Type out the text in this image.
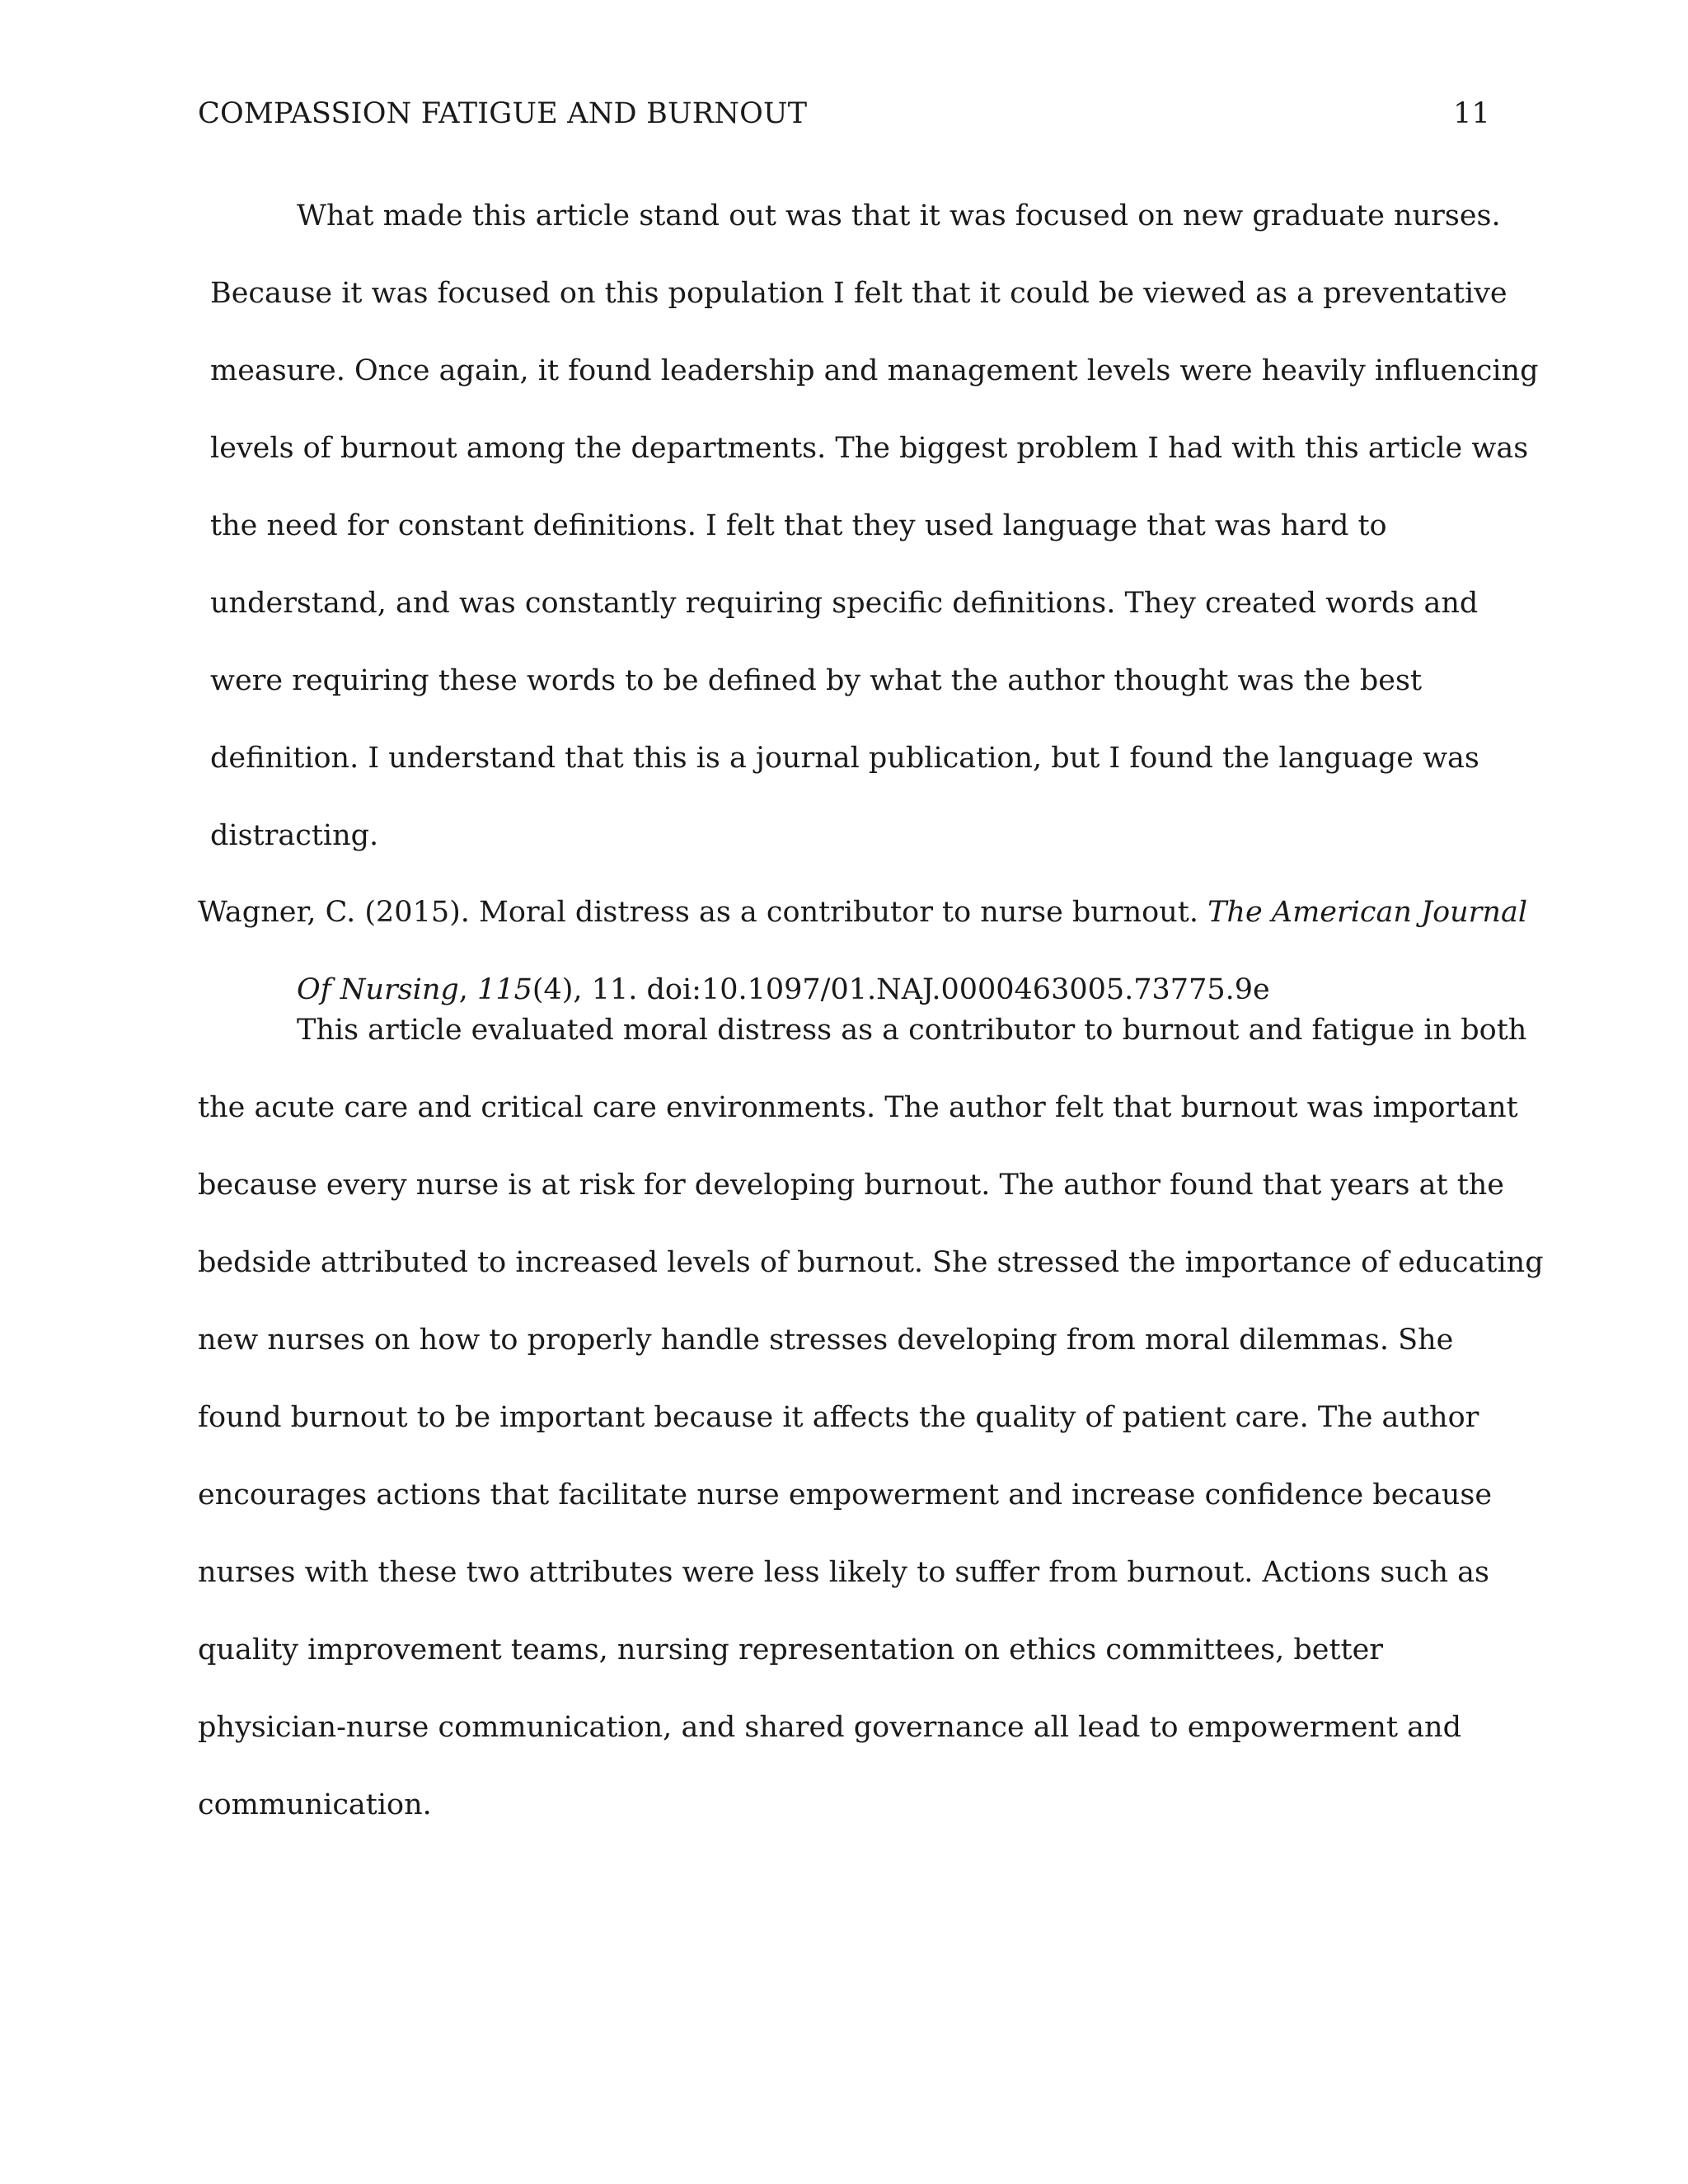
COMPASSION FATIGUE AND BURNOUT	11
What made this article stand out was that it was focused on new graduate nurses.
Because it was focused on this population I felt that it could be viewed as a preventative
measure. Once again, it found leadership and management levels were heavily influencing
levels of burnout among the departments. The biggest problem I had with this article was
the need for constant definitions. I felt that they used language that was hard to
understand, and was constantly requiring specific definitions. They created words and
were requiring these words to be defined by what the author thought was the best
definition. I understand that this is a journal publication, but I found the language was
distracting.
Wagner, C. (2015). Moral distress as a contributor to nurse burnout. The American Journal
Of Nursing, 115(4), 11. doi:10.1097/01.NAJ.0000463005.73775.9e
This article evaluated moral distress as a contributor to burnout and fatigue in both
the acute care and critical care environments. The author felt that burnout was important
because every nurse is at risk for developing burnout. The author found that years at the
bedside attributed to increased levels of burnout. She stressed the importance of educating
new nurses on how to properly handle stresses developing from moral dilemmas. She
found burnout to be important because it affects the quality of patient care. The author
encourages actions that facilitate nurse empowerment and increase confidence because
nurses with these two attributes were less likely to suffer from burnout. Actions such as
quality improvement teams, nursing representation on ethics committees, better
physician-nurse communication, and shared governance all lead to empowerment and
communication.
